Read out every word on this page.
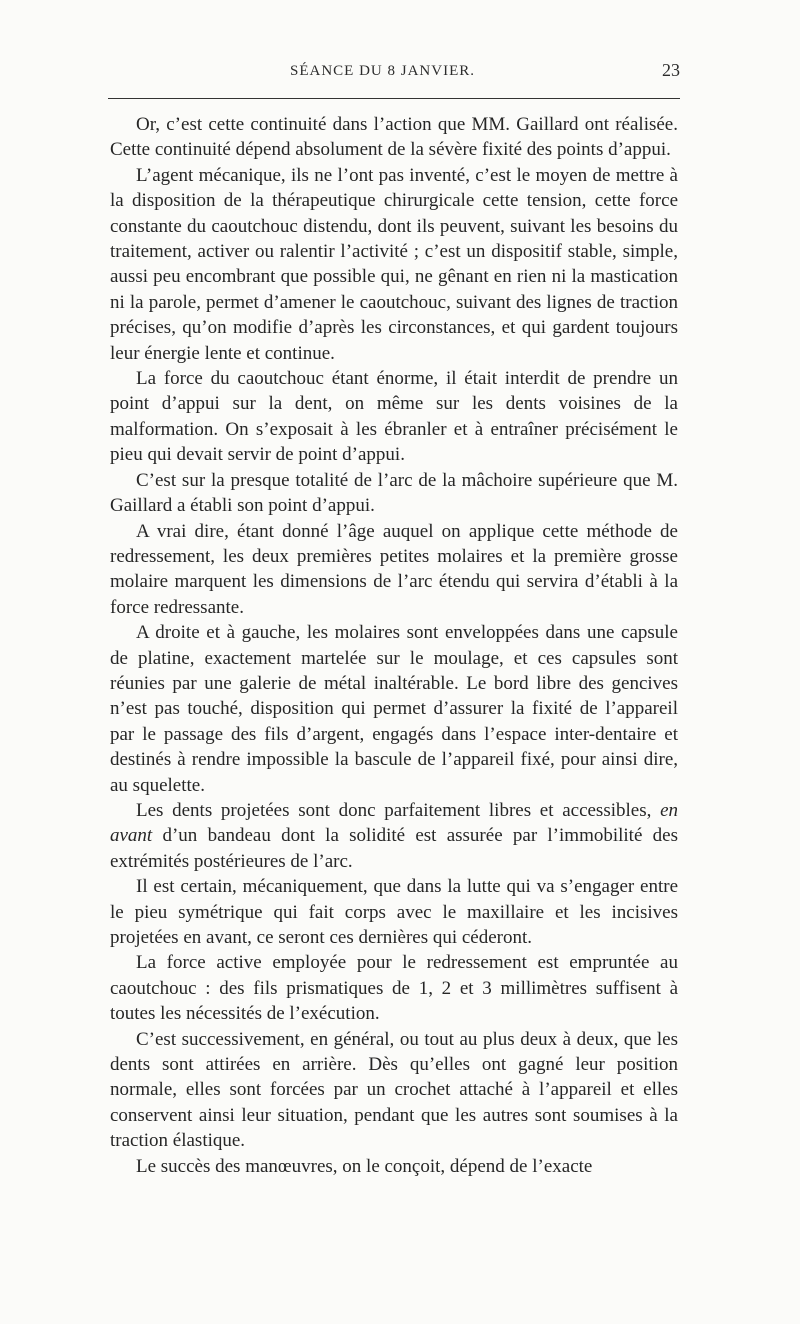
SÉANCE DU 8 JANVIER.	23

Or, c’est cette continuité dans l’action que MM. Gaillard ont réalisée. Cette continuité dépend absolument de la sévère fixité des points d’appui.

L’agent mécanique, ils ne l’ont pas inventé, c’est le moyen de mettre à la disposition de la thérapeutique chirurgicale cette tension, cette force constante du caoutchouc distendu, dont ils peuvent, suivant les besoins du traitement, activer ou ralentir l’activité ; c’est un dispositif stable, simple, aussi peu encombrant que possible qui, ne gênant en rien ni la mastication ni la parole, permet d’amener le caoutchouc, suivant des lignes de traction précises, qu’on modifie d’après les circonstances, et qui gardent toujours leur énergie lente et continue.

La force du caoutchouc étant énorme, il était interdit de prendre un point d’appui sur la dent, on même sur les dents voisines de la malformation. On s’exposait à les ébranler et à entraîner précisément le pieu qui devait servir de point d’appui.

C’est sur la presque totalité de l’arc de la mâchoire supérieure que M. Gaillard a établi son point d’appui.

A vrai dire, étant donné l’âge auquel on applique cette méthode de redressement, les deux premières petites molaires et la première grosse molaire marquent les dimensions de l’arc étendu qui servira d’établi à la force redressante.

A droite et à gauche, les molaires sont enveloppées dans une capsule de platine, exactement martelée sur le moulage, et ces capsules sont réunies par une galerie de métal inaltérable. Le bord libre des gencives n’est pas touché, disposition qui permet d’assurer la fixité de l’appareil par le passage des fils d’argent, engagés dans l’espace inter-dentaire et destinés à rendre impossible la bascule de l’appareil fixé, pour ainsi dire, au squelette.

Les dents projetées sont donc parfaitement libres et accessibles, en avant d’un bandeau dont la solidité est assurée par l’immobilité des extrémités postérieures de l’arc.

Il est certain, mécaniquement, que dans la lutte qui va s’engager entre le pieu symétrique qui fait corps avec le maxillaire et les incisives projetées en avant, ce seront ces dernières qui céderont.

La force active employée pour le redressement est empruntée au caoutchouc : des fils prismatiques de 1, 2 et 3 millimètres suffisent à toutes les nécessités de l’exécution.

C’est successivement, en général, ou tout au plus deux à deux, que les dents sont attirées en arrière. Dès qu’elles ont gagné leur position normale, elles sont forcées par un crochet attaché à l’appareil et elles conservent ainsi leur situation, pendant que les autres sont soumises à la traction élastique.

Le succès des manœuvres, on le conçoit, dépend de l’exacte
